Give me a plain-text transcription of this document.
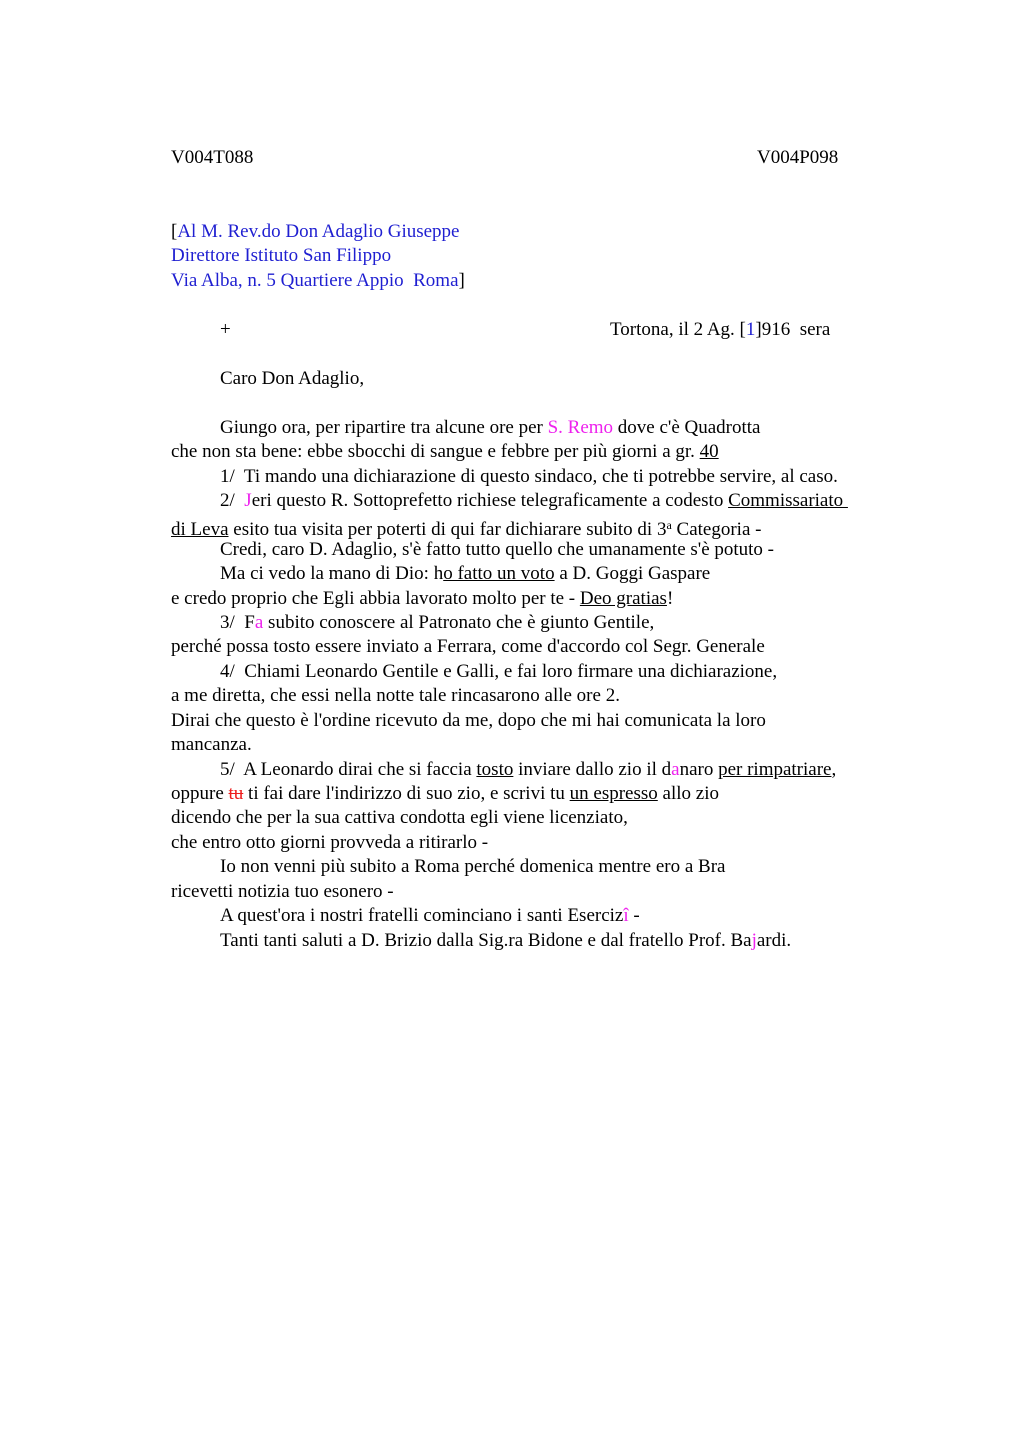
V004T088	V004P098
[Al M. Rev.do Don Adaglio Giuseppe
Direttore Istituto San Filippo
Via Alba, n. 5 Quartiere Appio  Roma]
+	Tortona, il 2 Ag. [1]916  sera
Caro Don Adaglio,
Giungo ora, per ripartire tra alcune ore per S. Remo dove c'è Quadrotta
che non sta bene: ebbe sbocchi di sangue e febbre per più giorni a gr. 40
1/  Ti mando una dichiarazione di questo sindaco, che ti potrebbe servire, al caso.
2/  Jeri questo R. Sottoprefetto richiese telegraficamente a codesto Commissariato
di Leva esito tua visita per poterti di qui far dichiarare subito di 3$^a$ Categoria -
Credi, caro D. Adaglio, s'è fatto tutto quello che umanamente s'è potuto -
Ma ci vedo la mano di Dio: ho fatto un voto a D. Goggi Gaspare
e credo proprio che Egli abbia lavorato molto per te - Deo gratias!
3/  Fa subito conoscere al Patronato che è giunto Gentile,
perché possa tosto essere inviato a Ferrara, come d'accordo col Segr. Generale
4/  Chiami Leonardo Gentile e Galli, e fai loro firmare una dichiarazione,
a me diretta, che essi nella notte tale rincasarono alle ore 2.
Dirai che questo è l'ordine ricevuto da me, dopo che mi hai comunicata la loro
mancanza.
5/  A Leonardo dirai che si faccia tosto inviare dallo zio il danaro per rimpatriare,
oppure tu ti fai dare l'indirizzo di suo zio, e scrivi tu un espresso allo zio
dicendo che per la sua cattiva condotta egli viene licenziato,
che entro otto giorni provveda a ritirarlo -
Io non venni più subito a Roma perché domenica mentre ero a Bra
ricevetti notizia tuo esonero -
A quest'ora i nostri fratelli cominciano i santi Esercizî -
Tanti tanti saluti a D. Brizio dalla Sig.ra Bidone e dal fratello Prof. Bajardi.
